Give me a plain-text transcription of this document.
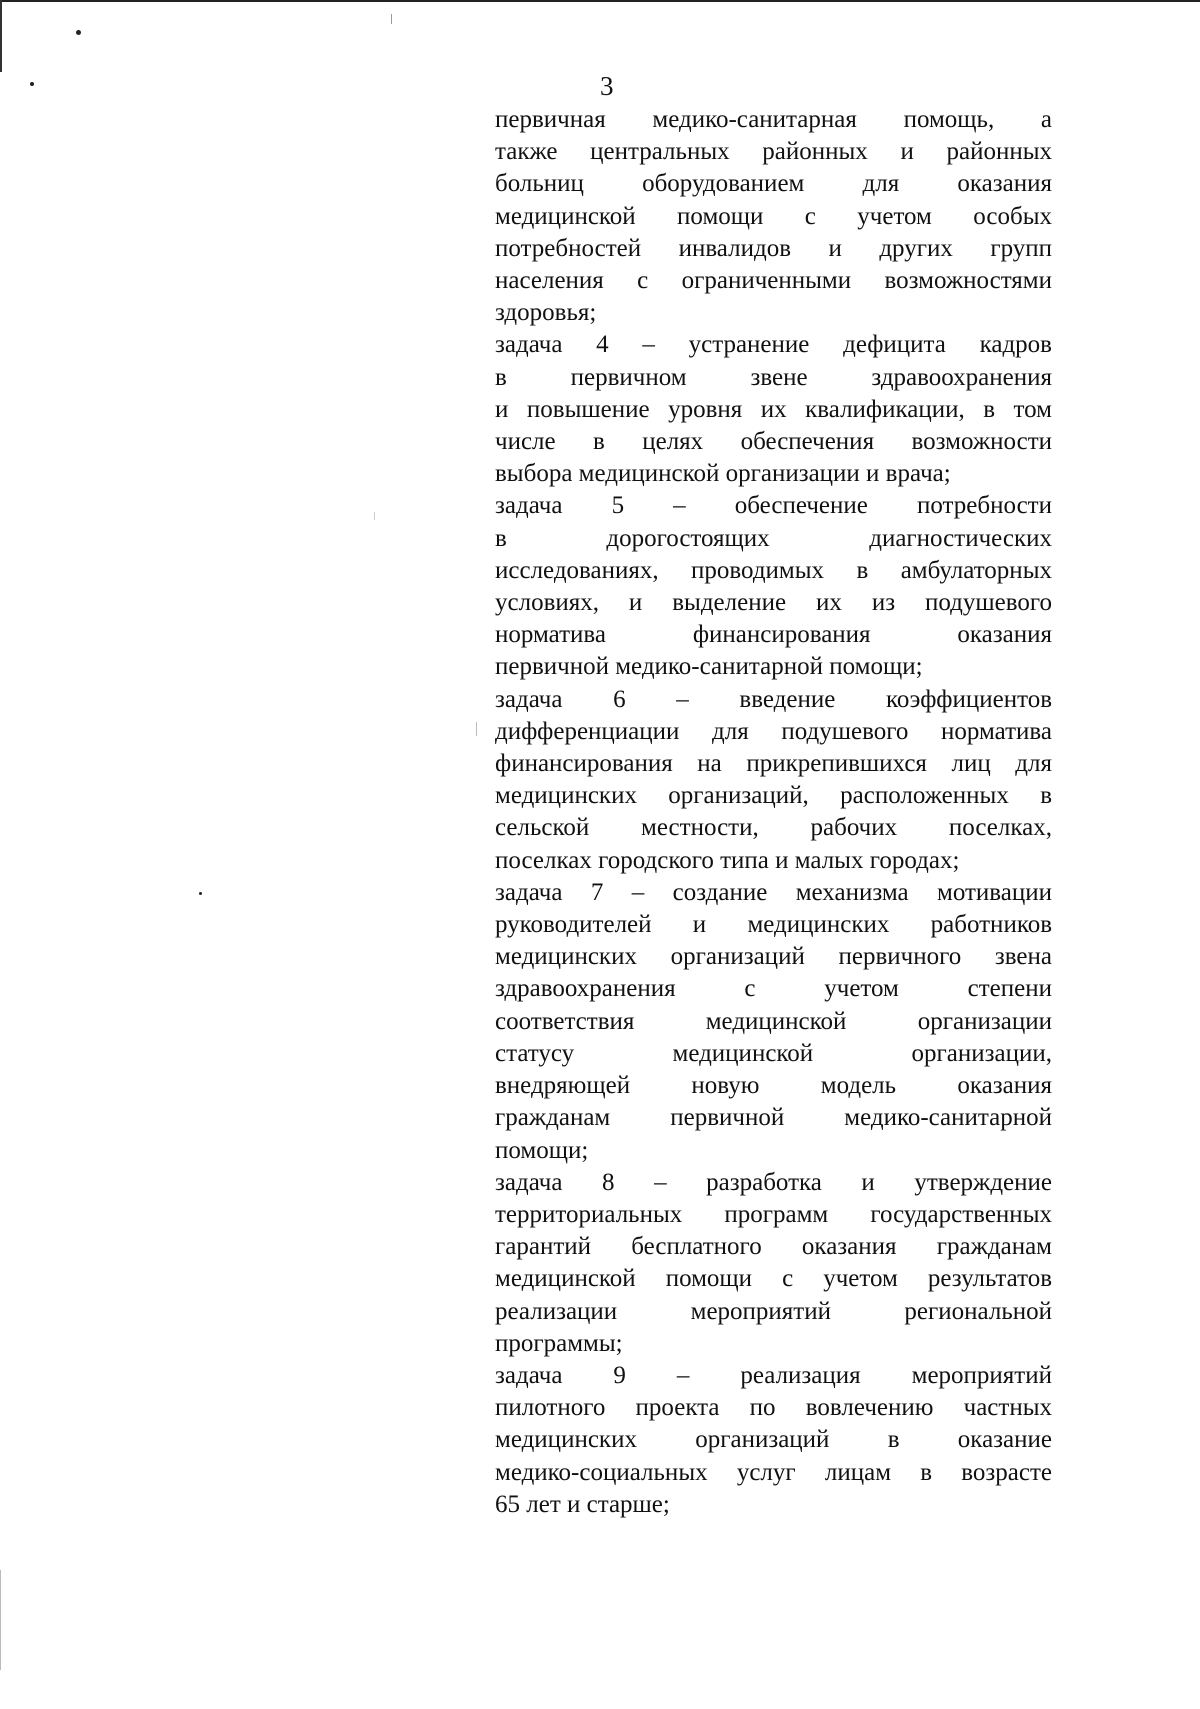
3
первичная медико-санитарная помощь, а
также центральных районных и районных
больниц оборудованием для оказания
медицинской помощи с учетом особых
потребностей инвалидов и других групп
населения с ограниченными возможностями
здоровья;
задача 4 – устранение дефицита кадров
в первичном звене здравоохранения
и повышение уровня их квалификации, в том
числе в целях обеспечения возможности
выбора медицинской организации и врача;
задача 5 – обеспечение потребности
в дорогостоящих диагностических
исследованиях, проводимых в амбулаторных
условиях, и выделение их из подушевого
норматива финансирования оказания
первичной медико-санитарной помощи;
задача 6 – введение коэффициентов
дифференциации для подушевого норматива
финансирования на прикрепившихся лиц для
медицинских организаций, расположенных в
сельской местности, рабочих поселках,
поселках городского типа и малых городах;
задача 7 – создание механизма мотивации
руководителей и медицинских работников
медицинских организаций первичного звена
здравоохранения с учетом степени
соответствия медицинской организации
статусу медицинской организации,
внедряющей новую модель оказания
гражданам первичной медико-санитарной
помощи;
задача 8 – разработка и утверждение
территориальных программ государственных
гарантий бесплатного оказания гражданам
медицинской помощи с учетом результатов
реализации мероприятий региональной
программы;
задача 9 – реализация мероприятий
пилотного проекта по вовлечению частных
медицинских организаций в оказание
медико-социальных услуг лицам в возрасте
65 лет и старше;
